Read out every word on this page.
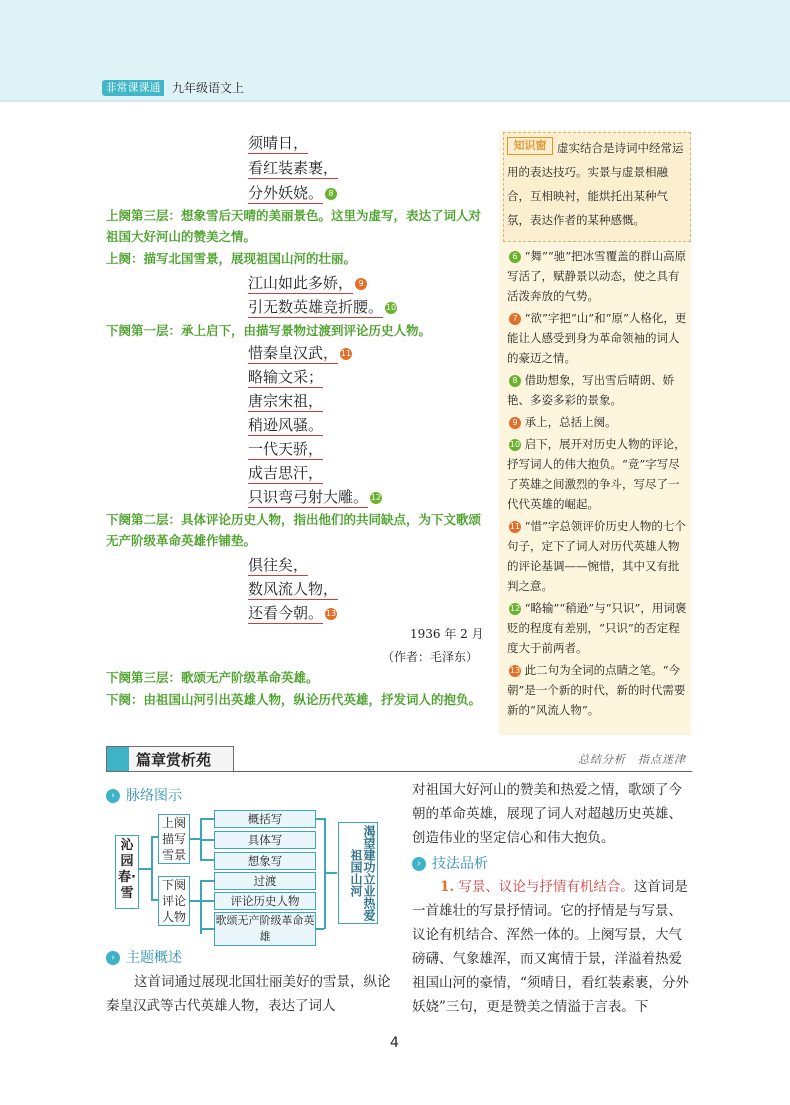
非常课课通 九年级语文上
须晴日，
看红装素裹，
分外妖娆。 8
上阕第三层：想象雪后天晴的美丽景色。这里为虚写，表达了词人对祖国大好河山的赞美之情。
上阕：描写北国雪景，展现祖国山河的壮丽。
江山如此多娇， 9
引无数英雄竞折腰。 10
下阕第一层：承上启下，由描写景物过渡到评论历史人物。
惜秦皇汉武， 11
略输文采；
唐宗宋祖，
稍逊风骚。
一代天骄，
成吉思汗，
只识弯弓射大雕。 12
下阕第二层：具体评论历史人物，指出他们的共同缺点，为下文歌颂无产阶级革命英雄作铺垫。
俱往矣，
数风流人物，
还看今朝。 13
1936 年 2 月
（作者：毛泽东）
下阕第三层：歌颂无产阶级革命英雄。
下阕：由祖国山河引出英雄人物，纵论历代英雄，抒发词人的抱负。
虚实结合是诗词中经常运用的表达技巧。实景与虚景相融合，互相映衬，能烘托出某种气氛，表达作者的某种感慨。
知识窗
6 “舞”“驰”把冰雪覆盖的群山高原写活了，赋静景以动态，使之具有活泼奔放的气势。
7 “欲”字把“山”和“原”人格化，更能让人感受到身为革命领袖的词人的豪迈之情。
8 借助想象，写出雪后晴朗、娇艳、多姿多彩的景象。
9 承上，总括上阕。
10 启下，展开对历史人物的评论，抒写词人的伟大抱负。“竞”字写尽了英雄之间激烈的争斗，写尽了一代代英雄的崛起。
11 “惜”字总领评价历史人物的七个句子，定下了词人对历代英雄人物的评论基调——惋惜，其中又有批判之意。
12 “略输”“稍逊”与“只识”，用词褒贬的程度有差别，“只识”的否定程度大于前两者。
13 此二句为全词的点睛之笔。“今朝”是一个新的时代，新的时代需要新的“风流人物”。
篇章赏析苑	总结分析　指点迷津
› 脉络图示
沁园春·雪
上阕描写雪景
下阕评论人物
概括写
具体写
想象写
过渡
评论历史人物
歌颂无产阶级革命英雄
渴望建功立业热爱祖国山河
› 主题概述
这首词通过展现北国壮丽美好的雪景，纵论秦皇汉武等古代英雄人物，表达了词人
对祖国大好河山的赞美和热爱之情，歌颂了今朝的革命英雄，展现了词人对超越历史英雄、创造伟业的坚定信心和伟大抱负。
› 技法品析
1. 写景、议论与抒情有机结合。这首词是一首雄壮的写景抒情词。它的抒情是与写景、议论有机结合、浑然一体的。上阕写景，大气磅礴、气象雄浑，而又寓情于景，洋溢着热爱祖国山河的豪情，“须晴日，看红装素裹，分外妖娆”三句，更是赞美之情溢于言表。下
4
